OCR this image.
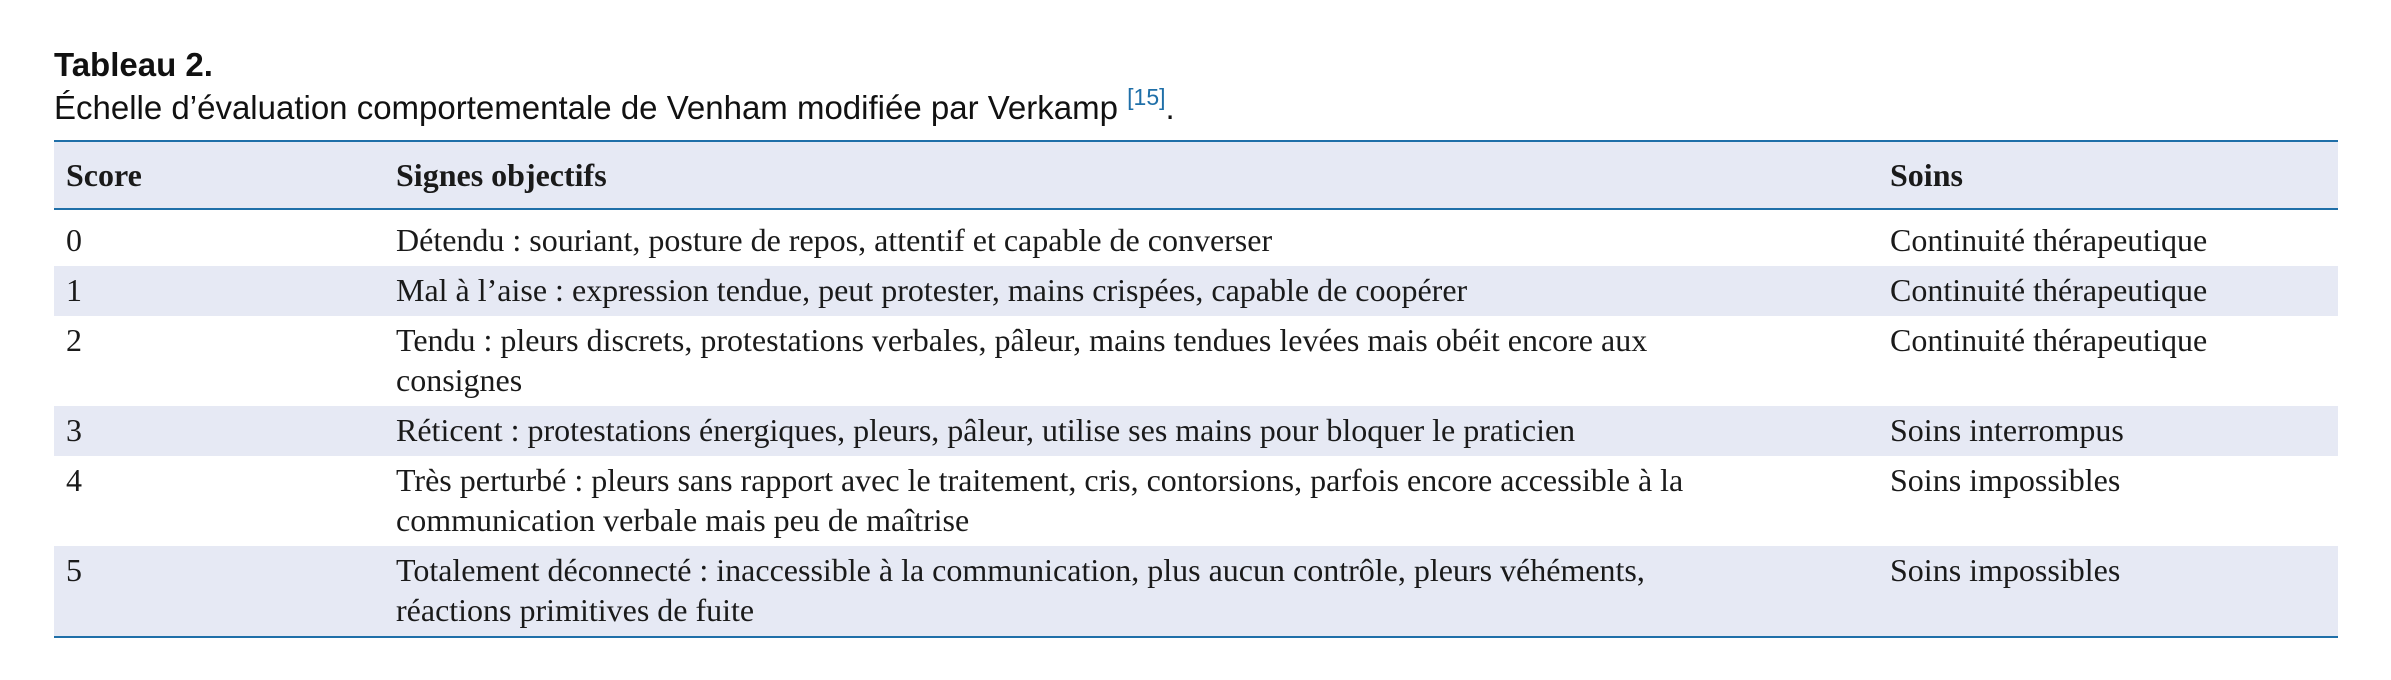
Tableau 2.

Échelle d’évaluation comportementale de Venham modifiée par Verkamp [15].

Score	Signes objectifs	Soins
0	Détendu : souriant, posture de repos, attentif et capable de converser	Continuité thérapeutique
1	Mal à l’aise : expression tendue, peut protester, mains crispées, capable de coopérer	Continuité thérapeutique
2	Tendu : pleurs discrets, protestations verbales, pâleur, mains tendues levées mais obéit encore aux consignes	Continuité thérapeutique
3	Réticent : protestations énergiques, pleurs, pâleur, utilise ses mains pour bloquer le praticien	Soins interrompus
4	Très perturbé : pleurs sans rapport avec le traitement, cris, contorsions, parfois encore accessible à la communication verbale mais peu de maîtrise	Soins impossibles
5	Totalement déconnecté : inaccessible à la communication, plus aucun contrôle, pleurs véhéments, réactions primitives de fuite	Soins impossibles
